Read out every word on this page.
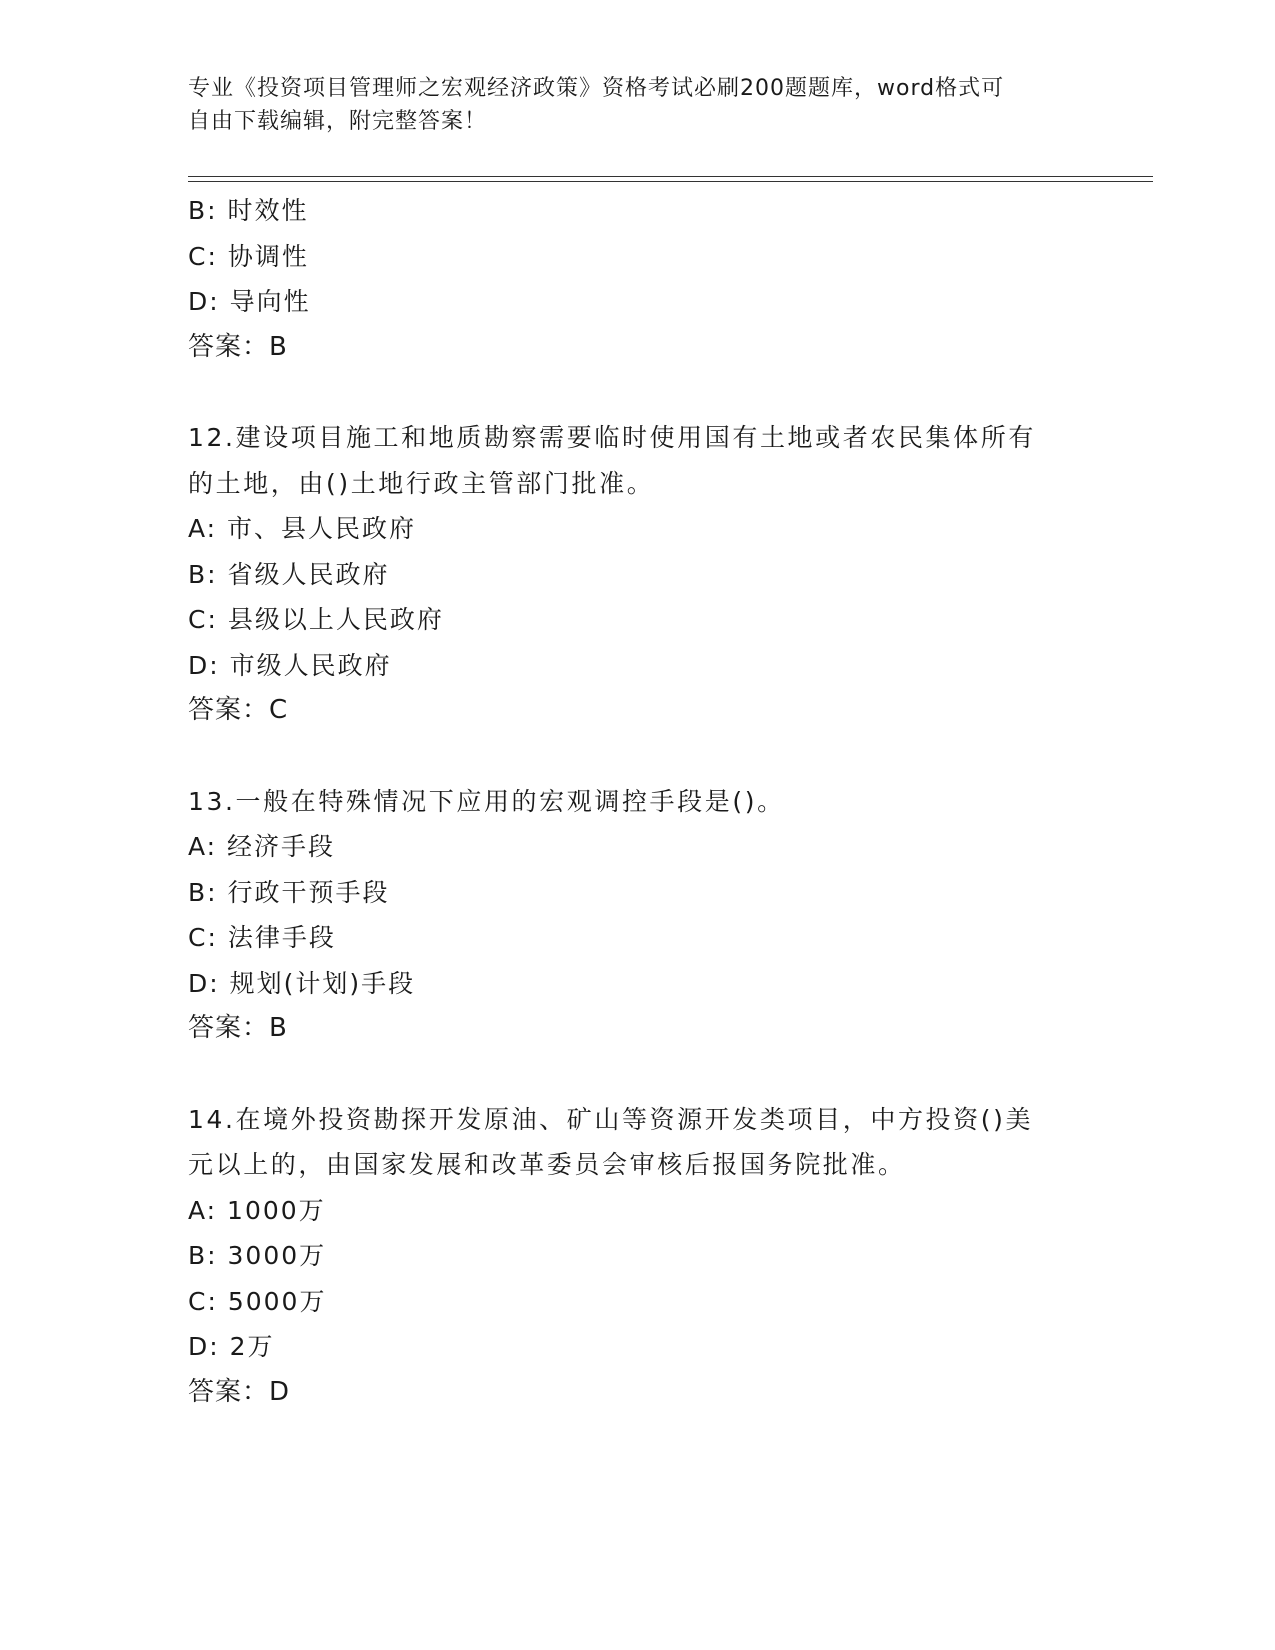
专业《投资项目管理师之宏观经济政策》资格考试必刷200题题库，word格式可
自由下载编辑，附完整答案！
B: 时效性
C: 协调性
D: 导向性
答案：B
12.建设项目施工和地质勘察需要临时使用国有土地或者农民集体所有
的土地，由()土地行政主管部门批准。
A: 市、县人民政府
B: 省级人民政府
C: 县级以上人民政府
D: 市级人民政府
答案：C
13.一般在特殊情况下应用的宏观调控手段是()。
A: 经济手段
B: 行政干预手段
C: 法律手段
D: 规划(计划)手段
答案：B
14.在境外投资勘探开发原油、矿山等资源开发类项目，中方投资()美
元以上的，由国家发展和改革委员会审核后报国务院批准。
A: 1000万
B: 3000万
C: 5000万
D: 2万
答案：D
